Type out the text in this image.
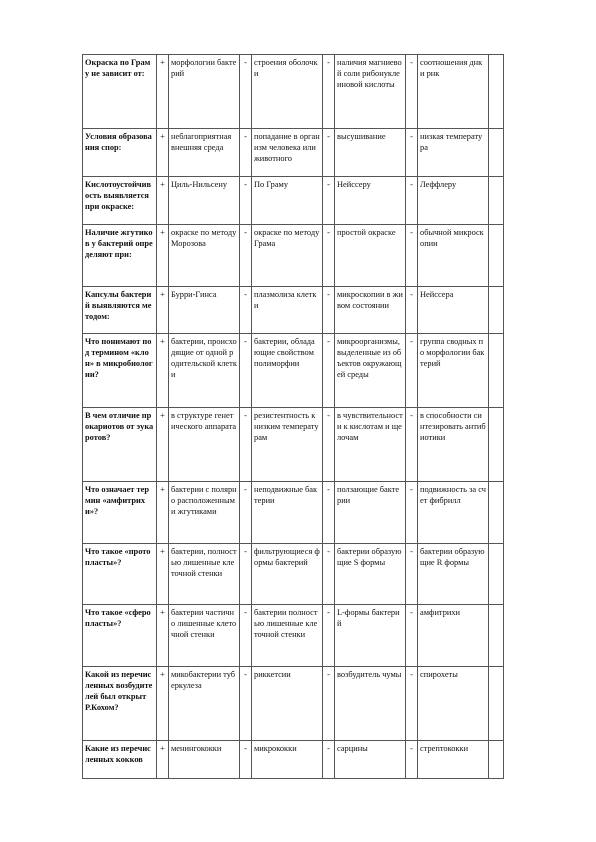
Окраска по Граму не зависит от:	+	морфологии бактерий	-	строения оболочки	-	наличия магниевой соли рибонуклеиновой кислоты	-	соотношения днк и рнк	
Условия образования спор:	+	неблагоприятная внешняя среда	-	попадание в организм человека или животного	-	высушивание	-	низкая температура	
Кислотоустойчивость выявляется при окраске:	+	Циль-Нильсену	-	По Граму	-	Нейссеру	-	Леффлеру	
Наличие жгутиков у бактерий определяют при:	+	окраске по методу Морозова	-	окраске по методу Грама	-	простой окраске	-	обычной микроскопии	
Капсулы бактерий выявляются методом:	+	Бурри-Гинса	-	плазмолиза клетки	-	микроскопии в живом состоянии	-	Нейссера	
Что понимают под термином «клон» в микробиологии?	+	бактерии, происходящие от одной родительской клетки	-	бактерии, обладающие свойством полиморфии	-	микроорганизмы, выделенные из объектов окружающей среды	-	группа сводных по морфологии бактерий	
В чем отличие прокариотов от эукаротов?	+	в структуре генетического аппарата	-	резистентность к низким температурам	-	в чувствительности к кислотам и щелочам	-	в способности синтезировать антибиотики	
Что означает термин «амфитрихи»?	+	бактерии с полярно расположенными жгутиками	-	неподвижные бактерии	-	ползающие бактерии	-	подвижность за счет фибрилл	
Что такое «протопласты»?	+	бактерии, полностью лишенные клеточной стенки	-	фильтрующиеся формы бактерий	-	бактерии образующие S формы	-	бактерии образующие R формы	
Что такое «сферопласты»?	+	бактерии частично лишенные клеточной стенки	-	бактерии полностью лишенные клеточной стенки	-	L-формы бактерий	-	амфитрихи	
Какой из перечисленных возбудителей был открыт Р.Кохом?	+	микобактерии туберкулеза	-	риккетсии	-	возбудитель чумы	-	спирохеты	
Какие из перечисленных кокков	+	менингококки	-	микрококки	-	сарцины	-	стрептококки	
